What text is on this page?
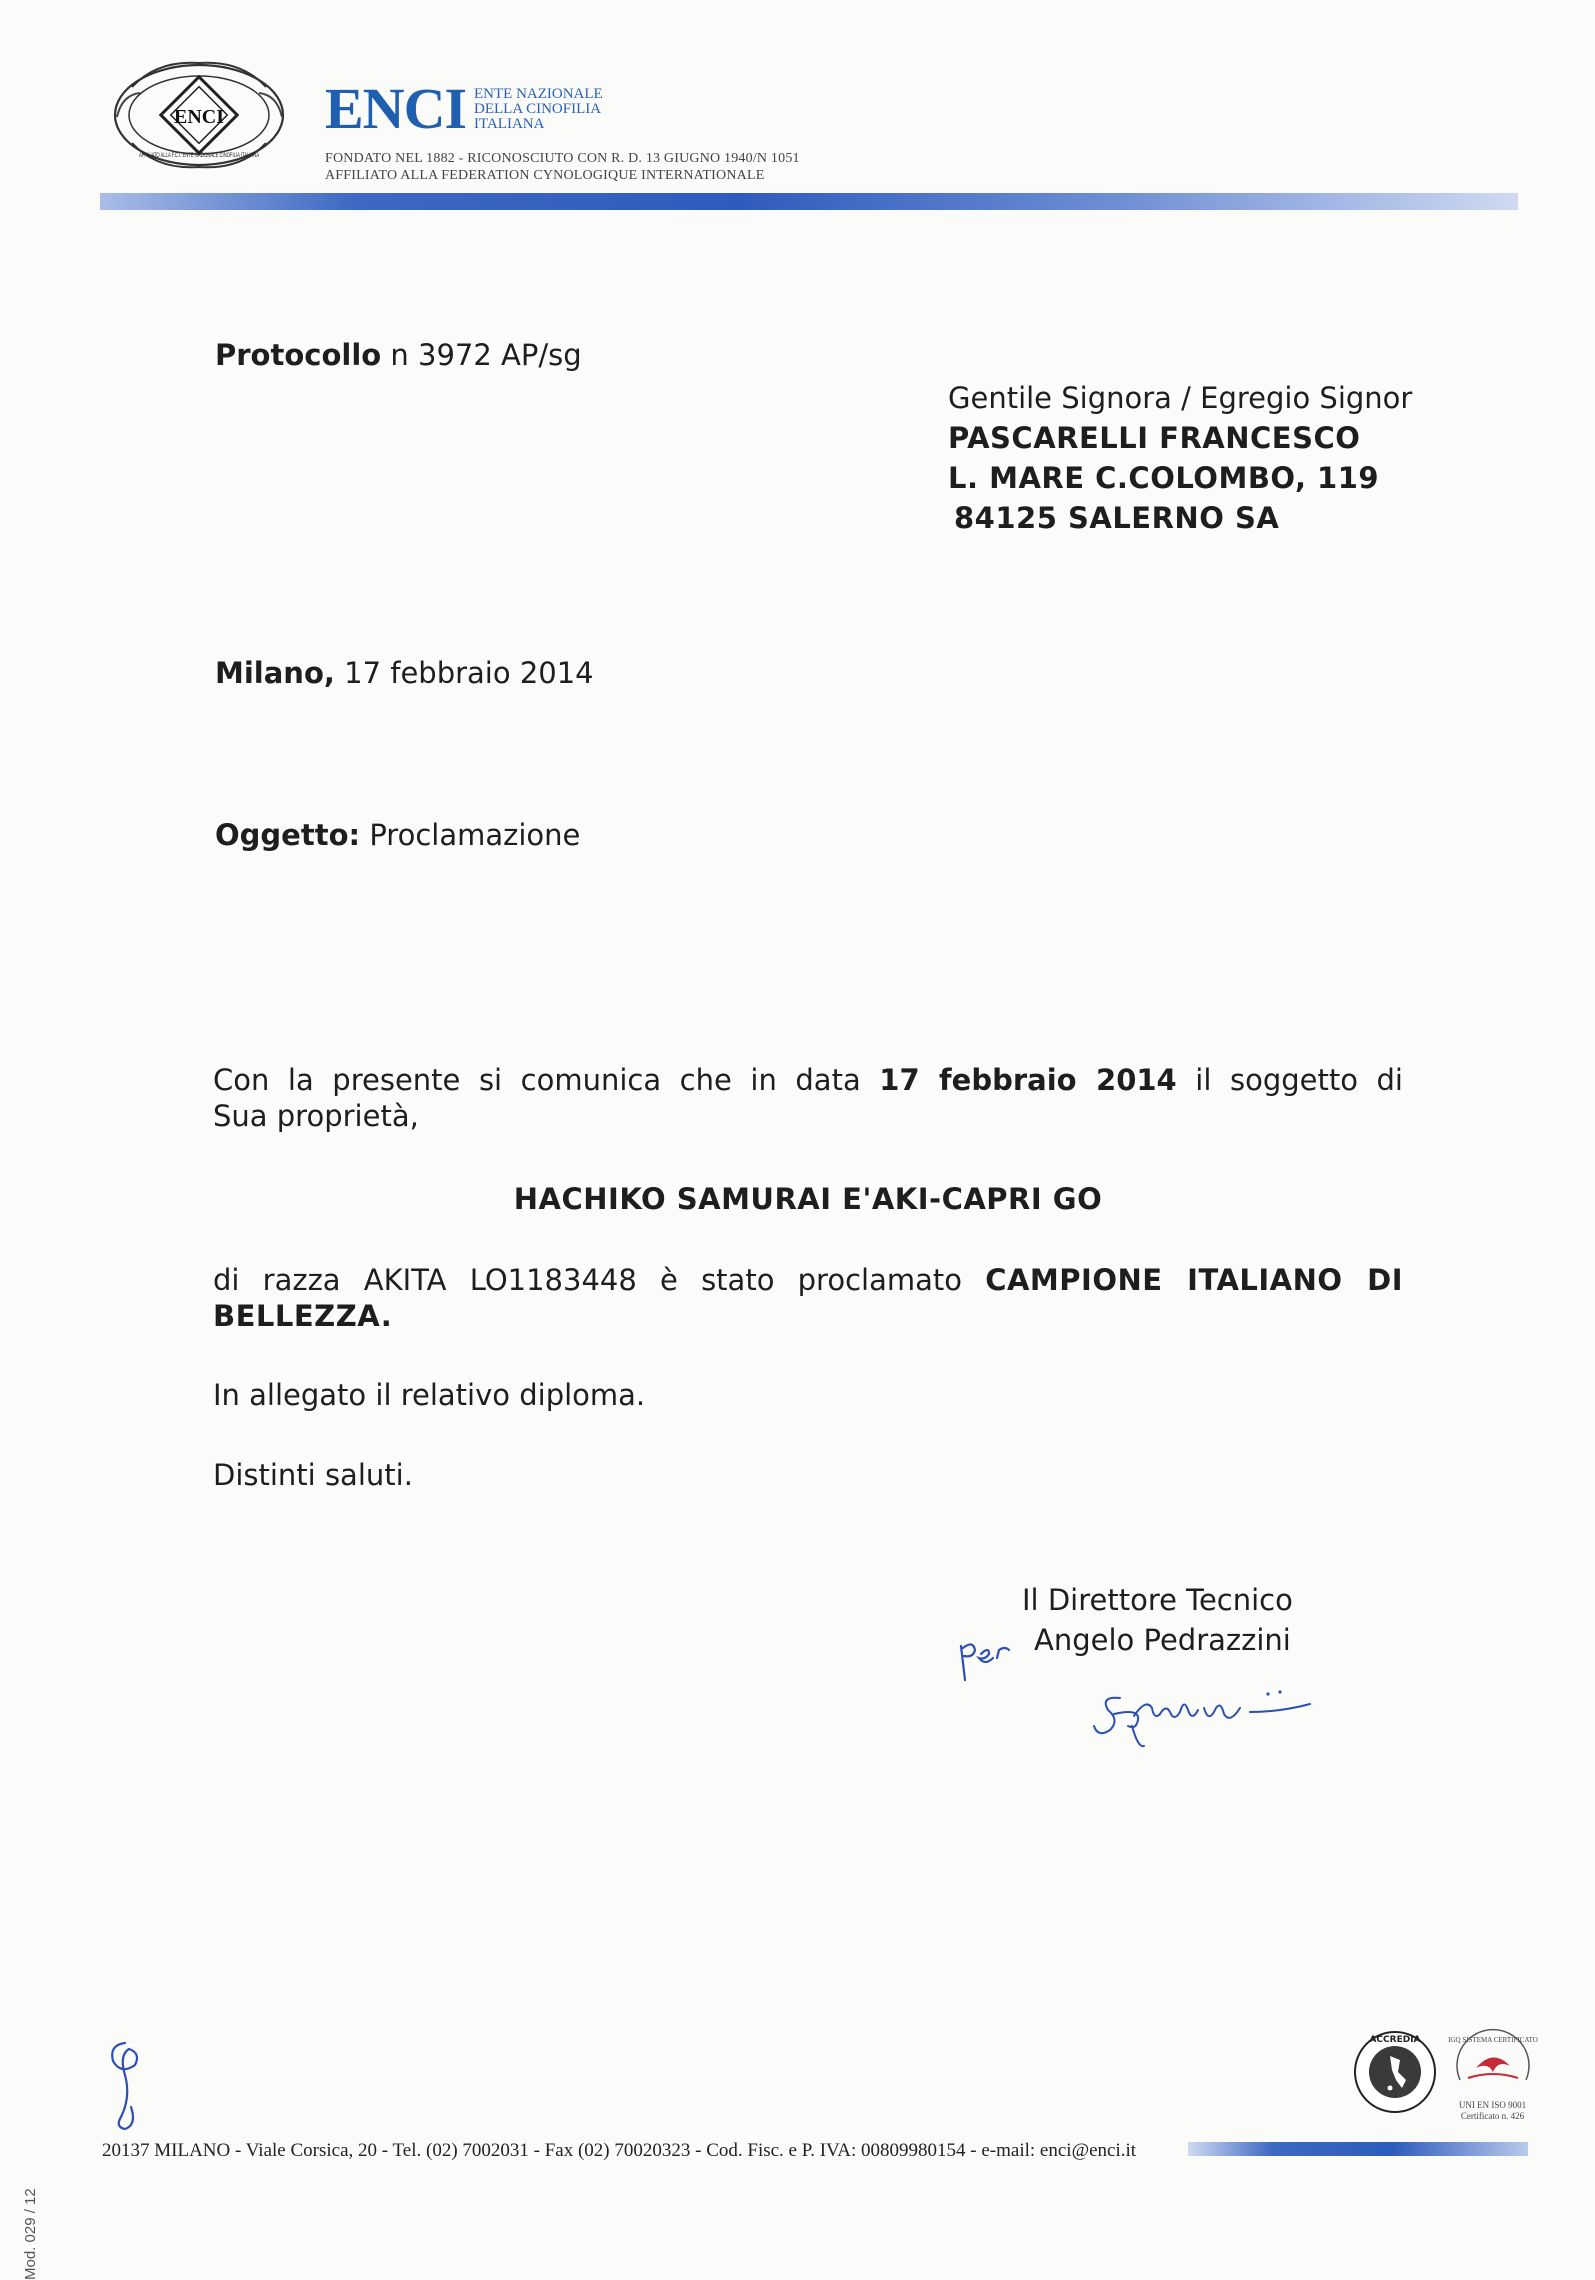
ENCI
AFFILIATO ALLA F.C.I. ENTE NAZIONALE CINOFILIA ITALIANA
ENCI ENTE NAZIONALE
DELLA CINOFILIA
ITALIANA
FONDATO NEL 1882 - RICONOSCIUTO CON R. D. 13 GIUGNO 1940/N 1051
AFFILIATO ALLA FEDERATION CYNOLOGIQUE INTERNATIONALE
Protocollo n 3972 AP/sg
Gentile Signora / Egregio Signor
PASCARELLI FRANCESCO
L. MARE C.COLOMBO, 119
84125 SALERNO SA
Milano, 17 febbraio 2014
Oggetto: Proclamazione
Con la presente si comunica che in data 17 febbraio 2014 il soggetto di
Sua proprietà,
HACHIKO SAMURAI E'AKI-CAPRI GO
di razza AKITA LO1183448 è stato proclamato CAMPIONE ITALIANO DI
BELLEZZA.
In allegato il relativo diploma.
Distinti saluti.
Il Direttore Tecnico
Angelo Pedrazzini
Mod. 029 / 12
ACCREDIA	IGQ SISTEMA CERTIFICATO
UNI EN ISO 9001
Certificato n. 426
20137 MILANO - Viale Corsica, 20 - Tel. (02) 7002031 - Fax (02) 70020323 - Cod. Fisc. e P. IVA: 00809980154 - e-mail: enci@enci.it
